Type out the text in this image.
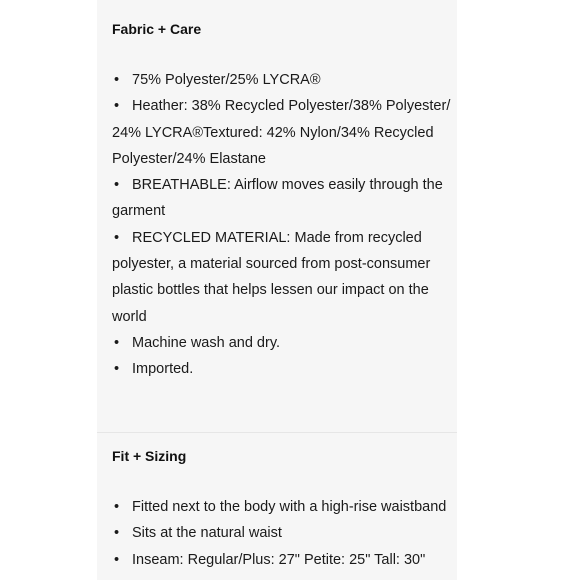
Fabric + Care
• 75% Polyester/25% LYCRA®
• Heather: 38% Recycled Polyester/38% Polyester/ 24% LYCRA®Textured: 42% Nylon/34% Recycled Polyester/24% Elastane
• BREATHABLE: Airflow moves easily through the garment
• RECYCLED MATERIAL: Made from recycled polyester, a material sourced from post-consumer plastic bottles that helps lessen our impact on the world
• Machine wash and dry.
• Imported.
Fit + Sizing
• Fitted next to the body with a high-rise waistband
• Sits at the natural waist
• Inseam: Regular/Plus: 27" Petite: 25" Tall: 30"
